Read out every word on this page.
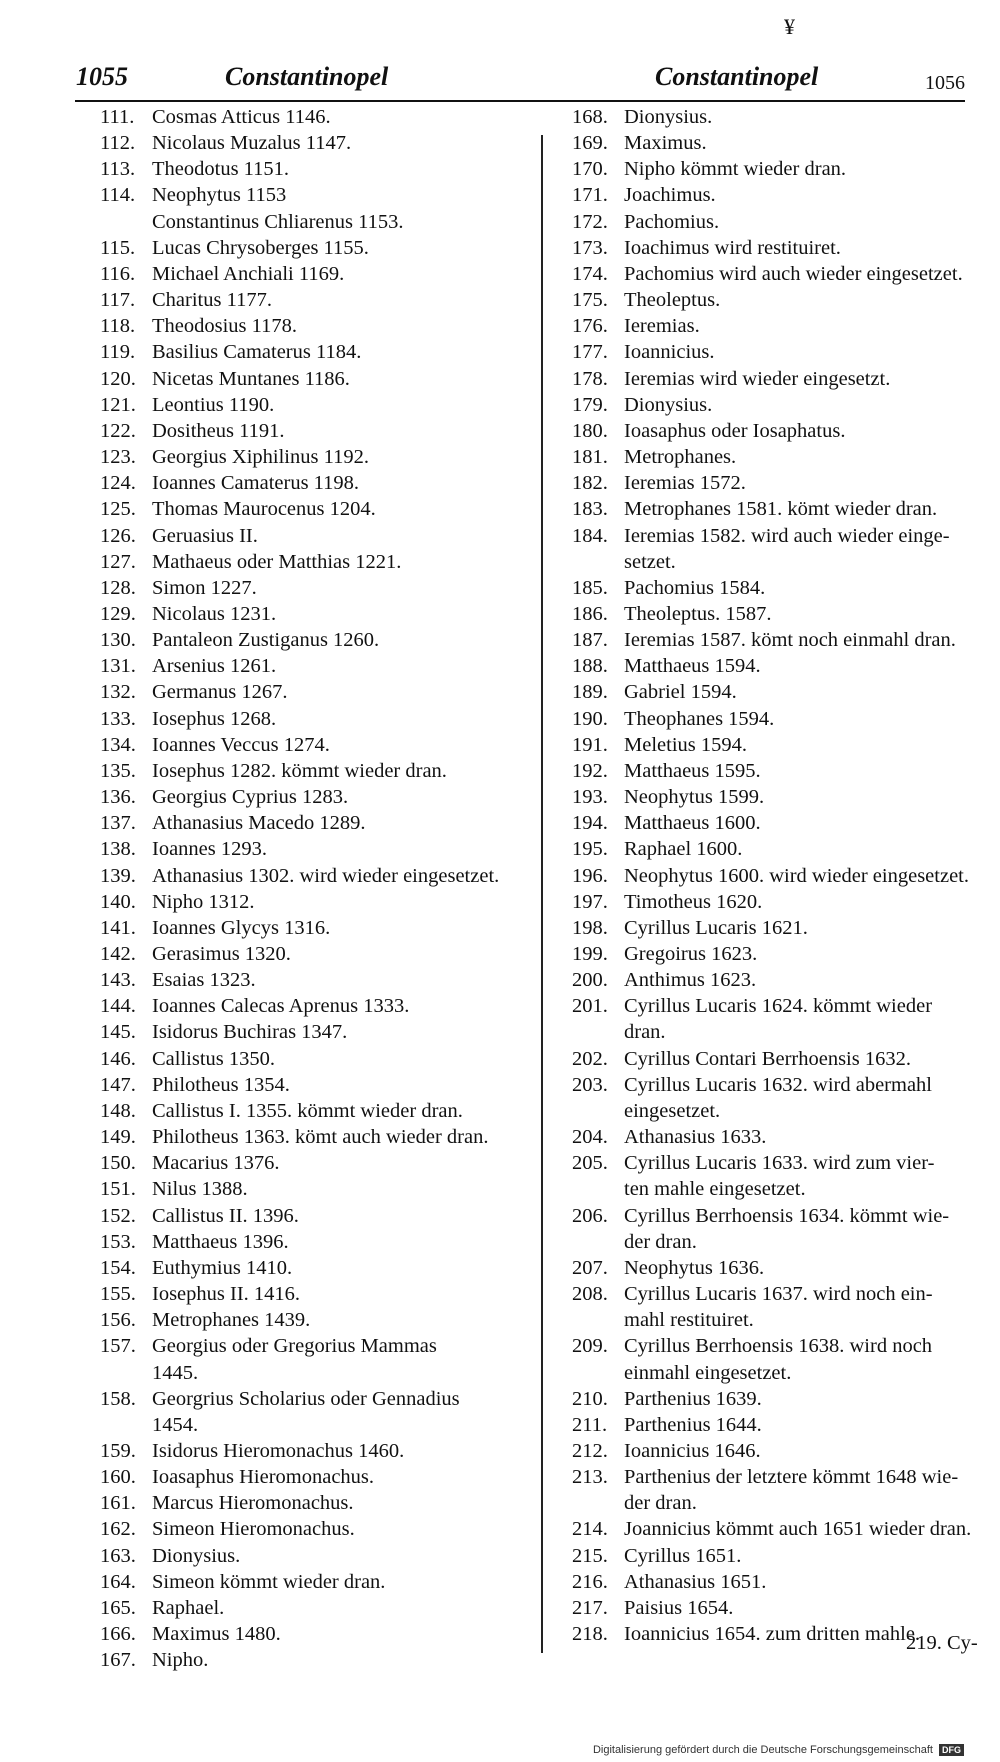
¥
1055	Constantinopel	Constantinopel	1056
111. Cosmas Atticus 1146.
112. Nicolaus Muzalus 1147.
113. Theodotus 1151.
114. Neophytus 1153
Constantinus Chliarenus 1153.
115. Lucas Chrysoberges 1155.
116. Michael Anchiali 1169.
117. Charitus 1177.
118. Theodosius 1178.
119. Basilius Camaterus 1184.
120. Nicetas Muntanes 1186.
121. Leontius 1190.
122. Dositheus 1191.
123. Georgius Xiphilinus 1192.
124. Ioannes Camaterus 1198.
125. Thomas Maurocenus 1204.
126. Geruasius II.
127. Mathaeus oder Matthias 1221.
128. Simon 1227.
129. Nicolaus 1231.
130. Pantaleon Zustiganus 1260.
131. Arsenius 1261.
132. Germanus 1267.
133. Iosephus 1268.
134. Ioannes Veccus 1274.
135. Iosephus 1282. kömmt wieder dran.
136. Georgius Cyprius 1283.
137. Athanasius Macedo 1289.
138. Ioannes 1293.
139. Athanasius 1302. wird wieder eingesetzet.
140. Nipho 1312.
141. Ioannes Glycys 1316.
142. Gerasimus 1320.
143. Esaias 1323.
144. Ioannes Calecas Aprenus 1333.
145. Isidorus Buchiras 1347.
146. Callistus 1350.
147. Philotheus 1354.
148. Callistus I. 1355. kömmt wieder dran.
149. Philotheus 1363. kömt auch wieder dran.
150. Macarius 1376.
151. Nilus 1388.
152. Callistus II. 1396.
153. Matthaeus 1396.
154. Euthymius 1410.
155. Iosephus II. 1416.
156. Metrophanes 1439.
157. Georgius oder Gregorius Mammas
1445.
158. Georgrius Scholarius oder Gennadius
1454.
159. Isidorus Hieromonachus 1460.
160. Ioasaphus Hieromonachus.
161. Marcus Hieromonachus.
162. Simeon Hieromonachus.
163. Dionysius.
164. Simeon kömmt wieder dran.
165. Raphael.
166. Maximus 1480.
167. Nipho.
168. Dionysius.
169. Maximus.
170. Nipho kömmt wieder dran.
171. Joachimus.
172. Pachomius.
173. Ioachimus wird restituiret.
174. Pachomius wird auch wieder eingesetzet.
175. Theoleptus.
176. Ieremias.
177. Ioannicius.
178. Ieremias wird wieder eingesetzt.
179. Dionysius.
180. Ioasaphus oder Iosaphatus.
181. Metrophanes.
182. Ieremias 1572.
183. Metrophanes 1581. kömt wieder dran.
184. Ieremias 1582. wird auch wieder einge-
setzet.
185. Pachomius 1584.
186. Theoleptus. 1587.
187. Ieremias 1587. kömt noch einmahl dran.
188. Matthaeus 1594.
189. Gabriel 1594.
190. Theophanes 1594.
191. Meletius 1594.
192. Matthaeus 1595.
193. Neophytus 1599.
194. Matthaeus 1600.
195. Raphael 1600.
196. Neophytus 1600. wird wieder eingesetzet.
197. Timotheus 1620.
198. Cyrillus Lucaris 1621.
199. Gregoirus 1623.
200. Anthimus 1623.
201. Cyrillus Lucaris 1624. kömmt wieder
dran.
202. Cyrillus Contari Berrhoensis 1632.
203. Cyrillus Lucaris 1632. wird abermahl
eingesetzet.
204. Athanasius 1633.
205. Cyrillus Lucaris 1633. wird zum vier-
ten mahle eingesetzet.
206. Cyrillus Berrhoensis 1634. kömmt wie-
der dran.
207. Neophytus 1636.
208. Cyrillus Lucaris 1637. wird noch ein-
mahl restituiret.
209. Cyrillus Berrhoensis 1638. wird noch
einmahl eingesetzet.
210. Parthenius 1639.
211. Parthenius 1644.
212. Ioannicius 1646.
213. Parthenius der letztere kömmt 1648 wie-
der dran.
214. Joannicius kömmt auch 1651 wieder dran.
215. Cyrillus 1651.
216. Athanasius 1651.
217. Paisius 1654.
218. Ioannicius 1654. zum dritten mahle.
219. Cy-
Digitalisierung gefördert durch die Deutsche Forschungsgemeinschaft DFG
